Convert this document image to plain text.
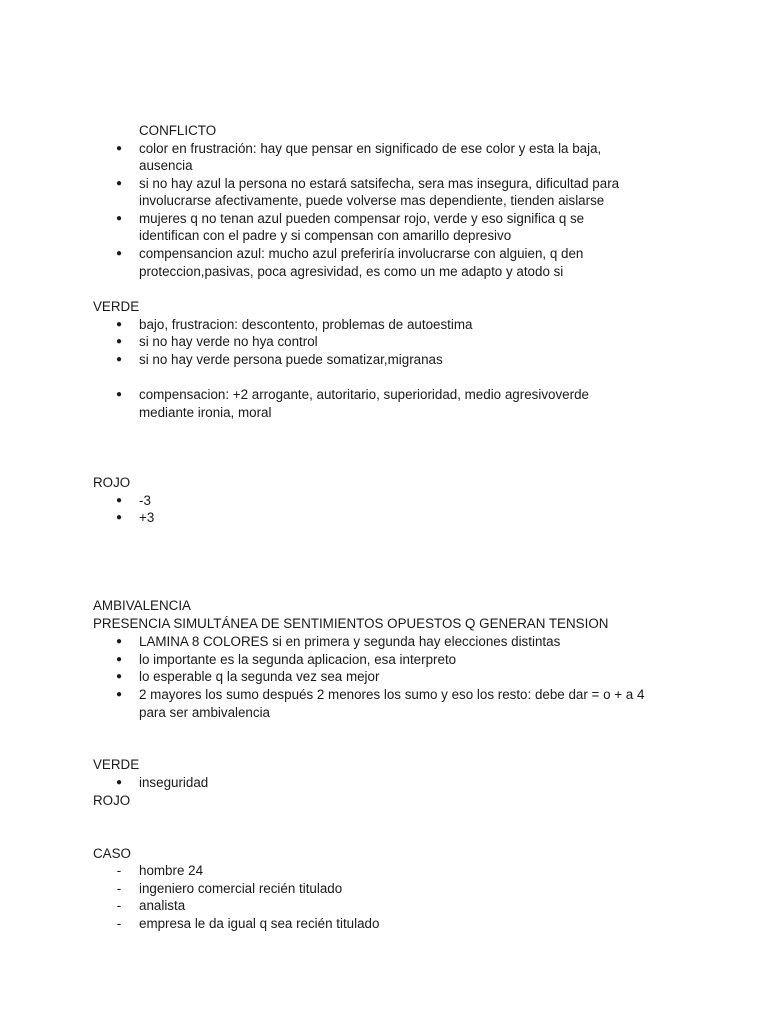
CONFLICTO
● color en frustración: hay que pensar en significado de ese color y esta la baja,
ausencia
● si no hay azul la persona no estará satsifecha, sera mas insegura, dificultad para
involucrarse afectivamente, puede volverse mas dependiente, tienden aislarse
● mujeres q no tenan azul pueden compensar rojo, verde y eso significa q se
identifican con el padre y si compensan con amarillo depresivo
● compensancion azul: mucho azul preferiría involucrarse con alguien, q den
proteccion,pasivas, poca agresividad, es como un me adapto y atodo si
VERDE
● bajo, frustracion: descontento, problemas de autoestima
● si no hay verde no hya control
● si no hay verde persona puede somatizar,migranas
● compensacion: +2 arrogante, autoritario, superioridad, medio agresivoverde
mediante ironia, moral
ROJO
● -3
● +3
AMBIVALENCIA
PRESENCIA SIMULTÁNEA DE SENTIMIENTOS OPUESTOS Q GENERAN TENSION
● LAMINA 8 COLORES si en primera y segunda hay elecciones distintas
● lo importante es la segunda aplicacion, esa interpreto
● lo esperable q la segunda vez sea mejor
● 2 mayores los sumo después 2 menores los sumo y eso los resto: debe dar = o + a 4
para ser ambivalencia
VERDE
● inseguridad
ROJO
CASO
-	hombre 24
-	ingeniero comercial recién titulado
-	analista
-	empresa le da igual q sea recién titulado
